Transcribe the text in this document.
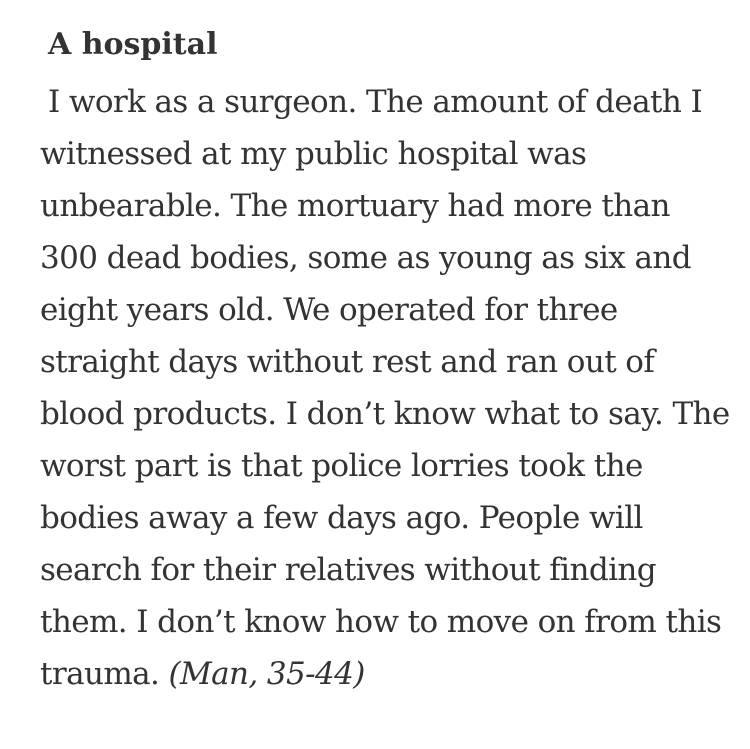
A hospital

I work as a surgeon. The amount of death I witnessed at my public hospital was unbearable. The mortuary had more than 300 dead bodies, some as young as six and eight years old. We operated for three straight days without rest and ran out of blood products. I don’t know what to say. The worst part is that police lorries took the bodies away a few days ago. People will search for their relatives without finding them. I don’t know how to move on from this trauma. (Man, 35-44)
